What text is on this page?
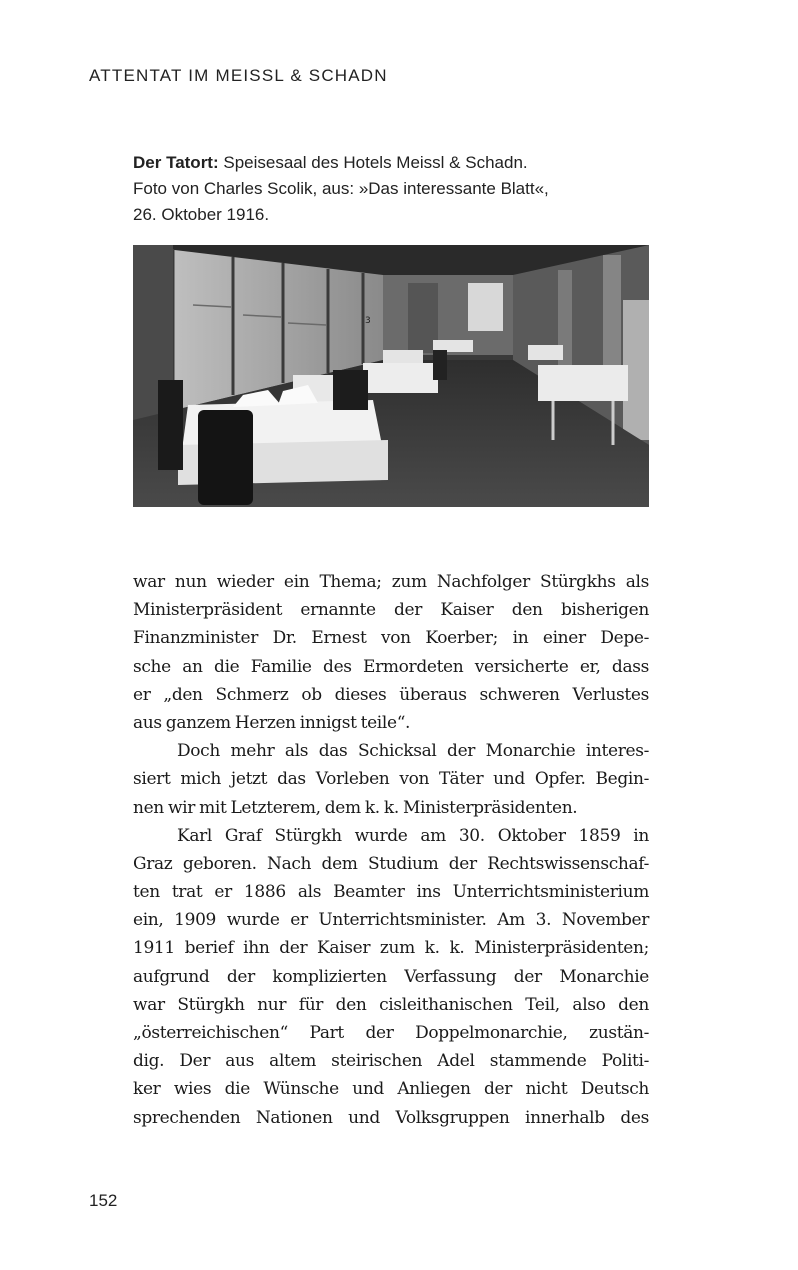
ATTENTAT IM MEISSL & SCHADN
Der Tatort: Speisesaal des Hotels Meissl & Schadn.
Foto von Charles Scolik, aus: »Das interessante Blatt«,
26. Oktober 1916.
3
war nun wieder ein Thema; zum Nachfolger Stürgkhs als
Ministerpräsident ernannte der Kaiser den bisherigen
Finanzminister Dr. Ernest von Koerber; in einer Depe-
sche an die Familie des Ermordeten versicherte er, dass
er „den Schmerz ob dieses überaus schweren Verlustes
aus ganzem Herzen innigst teile“.
Doch mehr als das Schicksal der Monarchie interes-
siert mich jetzt das Vorleben von Täter und Opfer. Begin-
nen wir mit Letzterem, dem k. k. Ministerpräsidenten.
Karl Graf Stürgkh wurde am 30. Oktober 1859 in
Graz geboren. Nach dem Studium der Rechtswissenschaf-
ten trat er 1886 als Beamter ins Unterrichtsministerium
ein, 1909 wurde er Unterrichtsminister. Am 3. November
1911 berief ihn der Kaiser zum k. k. Ministerpräsidenten;
aufgrund der komplizierten Verfassung der Monarchie
war Stürgkh nur für den cisleithanischen Teil, also den
„österreichischen“ Part der Doppelmonarchie, zustän-
dig. Der aus altem steirischen Adel stammende Politi-
ker wies die Wünsche und Anliegen der nicht Deutsch
sprechenden Nationen und Volksgruppen innerhalb des
152
